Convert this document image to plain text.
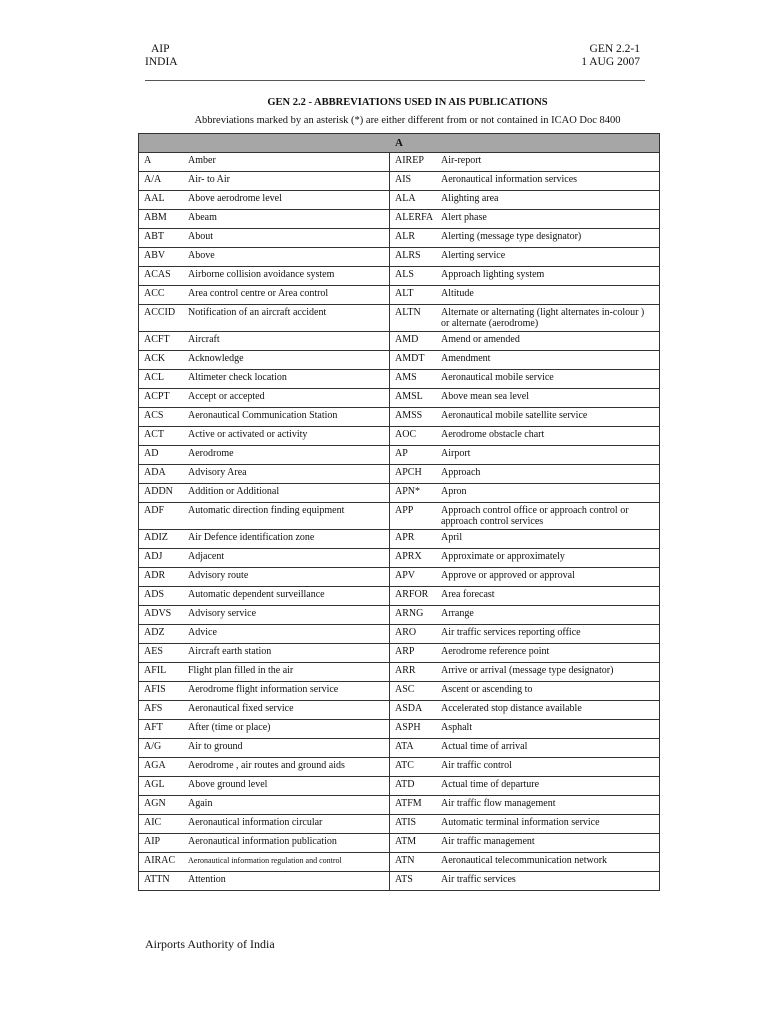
AIP
INDIA
GEN 2.2-1
1 AUG 2007
GEN 2.2 - ABBREVIATIONS USED IN AIS PUBLICATIONS
Abbreviations marked by an asterisk (*) are either different from or not contained in ICAO Doc 8400
A	

A Amber	AIREP Air-report

A/A Air- to Air	AIS Aeronautical information services

AAL Above aerodrome level	ALA Alighting area

ABM Abeam	ALERFA Alert phase

ABT About	ALR Alerting (message type designator)

ABV Above	ALRS Alerting service

ACAS Airborne collision avoidance system	ALS Approach lighting system

ACC Area control centre or Area control	ALT Altitude

ACCID Notification of an aircraft accident	ALTN Alternate or alternating (light alternates in-colour ) or alternate (aerodrome)

ACFT Aircraft	AMD Amend or amended

ACK Acknowledge	AMDT Amendment

ACL Altimeter check location	AMS Aeronautical mobile service

ACPT Accept or accepted	AMSL Above mean sea level

ACS Aeronautical Communication Station	AMSS Aeronautical mobile satellite service

ACT Active or activated or activity	AOC Aerodrome obstacle chart

AD Aerodrome	AP Airport

ADA Advisory Area	APCH Approach

ADDN Addition or Additional	APN* Apron

ADF Automatic direction finding equipment	APP Approach control office or approach control or approach control services

ADIZ Air Defence identification zone	APR April

ADJ Adjacent	APRX Approximate or approximately

ADR Advisory route	APV Approve or approved or approval

ADS Automatic dependent surveillance	ARFOR Area forecast

ADVS Advisory service	ARNG Arrange

ADZ Advice	ARO Air traffic services reporting office

AES Aircraft earth station	ARP Aerodrome reference point

AFIL Flight plan filled in the air	ARR Arrive or arrival (message type designator)

AFIS Aerodrome flight information service	ASC Ascent or ascending to

AFS Aeronautical fixed service	ASDA Accelerated stop distance available

AFT After (time or place)	ASPH Asphalt

A/G Air to ground	ATA Actual time of arrival

AGA Aerodrome , air routes and ground aids	ATC Air traffic control

AGL Above ground level	ATD Actual time of departure

AGN Again	ATFM Air traffic flow management

AIC Aeronautical information circular	ATIS Automatic terminal information service

AIP Aeronautical information publication	ATM Air traffic management

AIRAC Aeronautical information regulation and control	ATN Aeronautical telecommunication network

ATTN Attention	ATS Air traffic services
Airports Authority of India
